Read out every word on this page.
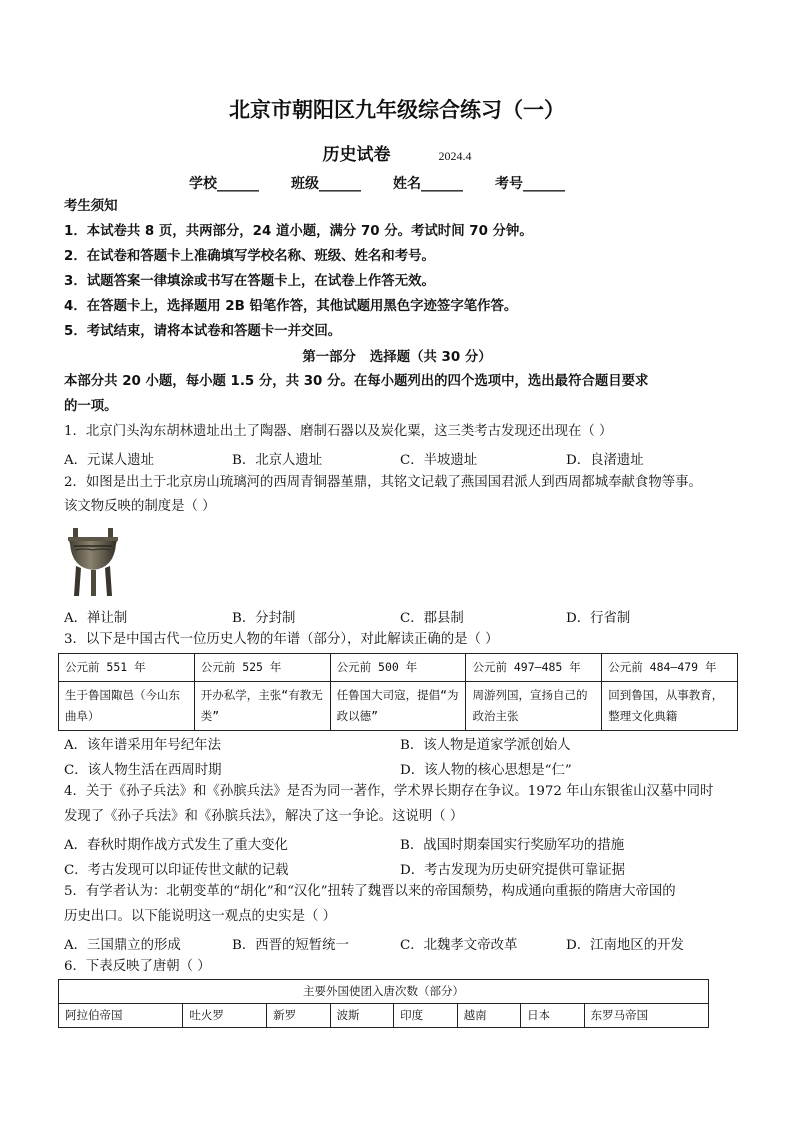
北京市朝阳区九年级综合练习（一）
历史试卷	2024.4
学校______ 班级______ 姓名______ 考号______
考生须知
1．本试卷共 8 页，共两部分，24 道小题，满分 70 分。考试时间 70 分钟。
2．在试卷和答题卡上准确填写学校名称、班级、姓名和考号。
3．试题答案一律填涂或书写在答题卡上，在试卷上作答无效。
4．在答题卡上，选择题用 2B 铅笔作答，其他试题用黑色字迹签字笔作答。
5．考试结束，请将本试卷和答题卡一并交回。
第一部分 选择题（共 30 分）
本部分共 20 小题，每小题 1.5 分，共 30 分。在每小题列出的四个选项中，选出最符合题目要求
的一项。
1．北京门头沟东胡林遗址出土了陶器、磨制石器以及炭化粟，这三类考古发现还出现在（ ）
A．元谋人遗址	B．北京人遗址	C．半坡遗址	D．良渚遗址
2．如图是出土于北京房山琉璃河的西周青铜器堇鼎，其铭文记载了燕国国君派人到西周都城奉献食物等事。
该文物反映的制度是（ ）
A．禅让制	B．分封制	C．郡县制	D．行省制
3．以下是中国古代一位历史人物的年谱（部分），对此解读正确的是（ ）
公元前 551 年	公元前 525 年	公元前 500 年	公元前 497—485 年	公元前 484—479 年
生于鲁国陬邑（今山东曲阜）	开办私学，主张“有教无类”	任鲁国大司寇，提倡“为政以德”	周游列国，宣扬自己的政治主张	回到鲁国，从事教育，整理文化典籍
A．该年谱采用年号纪年法	B．该人物是道家学派创始人
C．该人物生活在西周时期	D．该人物的核心思想是“仁”
4．关于《孙子兵法》和《孙膑兵法》是否为同一著作，学术界长期存在争议。1972 年山东银雀山汉墓中同时
发现了《孙子兵法》和《孙膑兵法》，解决了这一争论。这说明（ ）
A．春秋时期作战方式发生了重大变化	B．战国时期秦国实行奖励军功的措施
C．考古发现可以印证传世文献的记载	D．考古发现为历史研究提供可靠证据
5．有学者认为：北朝变革的“胡化”和“汉化”扭转了魏晋以来的帝国颓势，构成通向重振的隋唐大帝国的
历史出口。以下能说明这一观点的史实是（ ）
A．三国鼎立的形成	B．西晋的短暂统一	C．北魏孝文帝改革	D．江南地区的开发
6．下表反映了唐朝（ ）
主要外国使团入唐次数（部分）
阿拉伯帝国	吐火罗	新罗	波斯	印度	越南	日本	东罗马帝国
